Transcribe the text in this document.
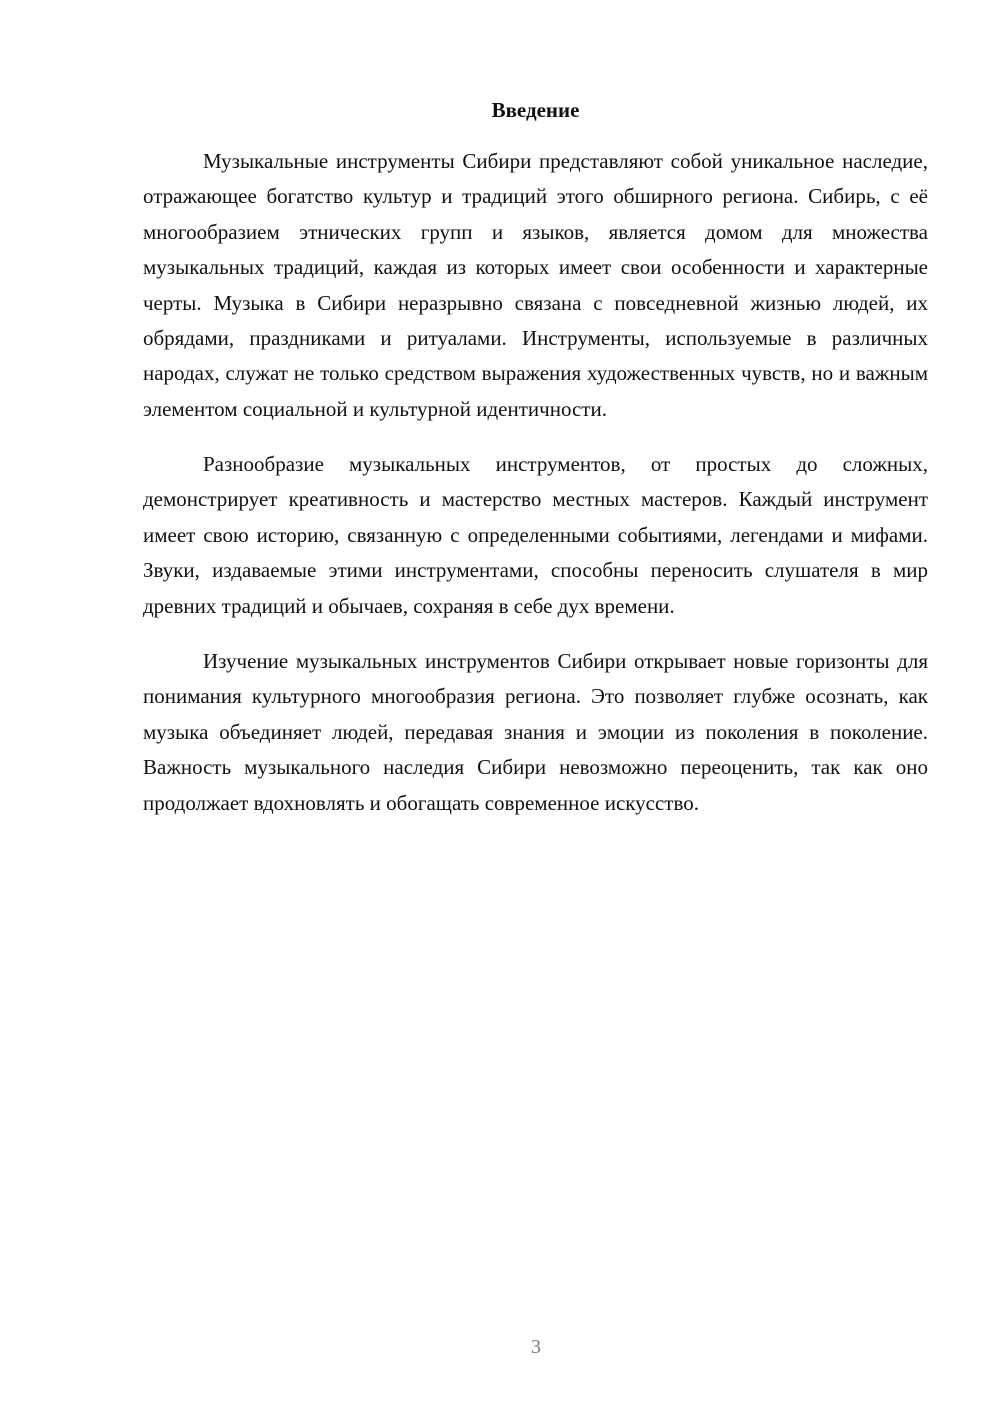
Введение

Музыкальные инструменты Сибири представляют собой уникальное наследие, отражающее богатство культур и традиций этого обширного региона. Сибирь, с её многообразием этнических групп и языков, является домом для множества музыкальных традиций, каждая из которых имеет свои особенности и характерные черты. Музыка в Сибири неразрывно связана с повседневной жизнью людей, их обрядами, праздниками и ритуалами. Инструменты, используемые в различных народах, служат не только средством выражения художественных чувств, но и важным элементом социальной и культурной идентичности.

Разнообразие музыкальных инструментов, от простых до сложных, демонстрирует креативность и мастерство местных мастеров. Каждый инструмент имеет свою историю, связанную с определенными событиями, легендами и мифами. Звуки, издаваемые этими инструментами, способны переносить слушателя в мир древних традиций и обычаев, сохраняя в себе дух времени.

Изучение музыкальных инструментов Сибири открывает новые горизонты для понимания культурного многообразия региона. Это позволяет глубже осознать, как музыка объединяет людей, передавая знания и эмоции из поколения в поколение. Важность музыкального наследия Сибири невозможно переоценить, так как оно продолжает вдохновлять и обогащать современное искусство.

3
